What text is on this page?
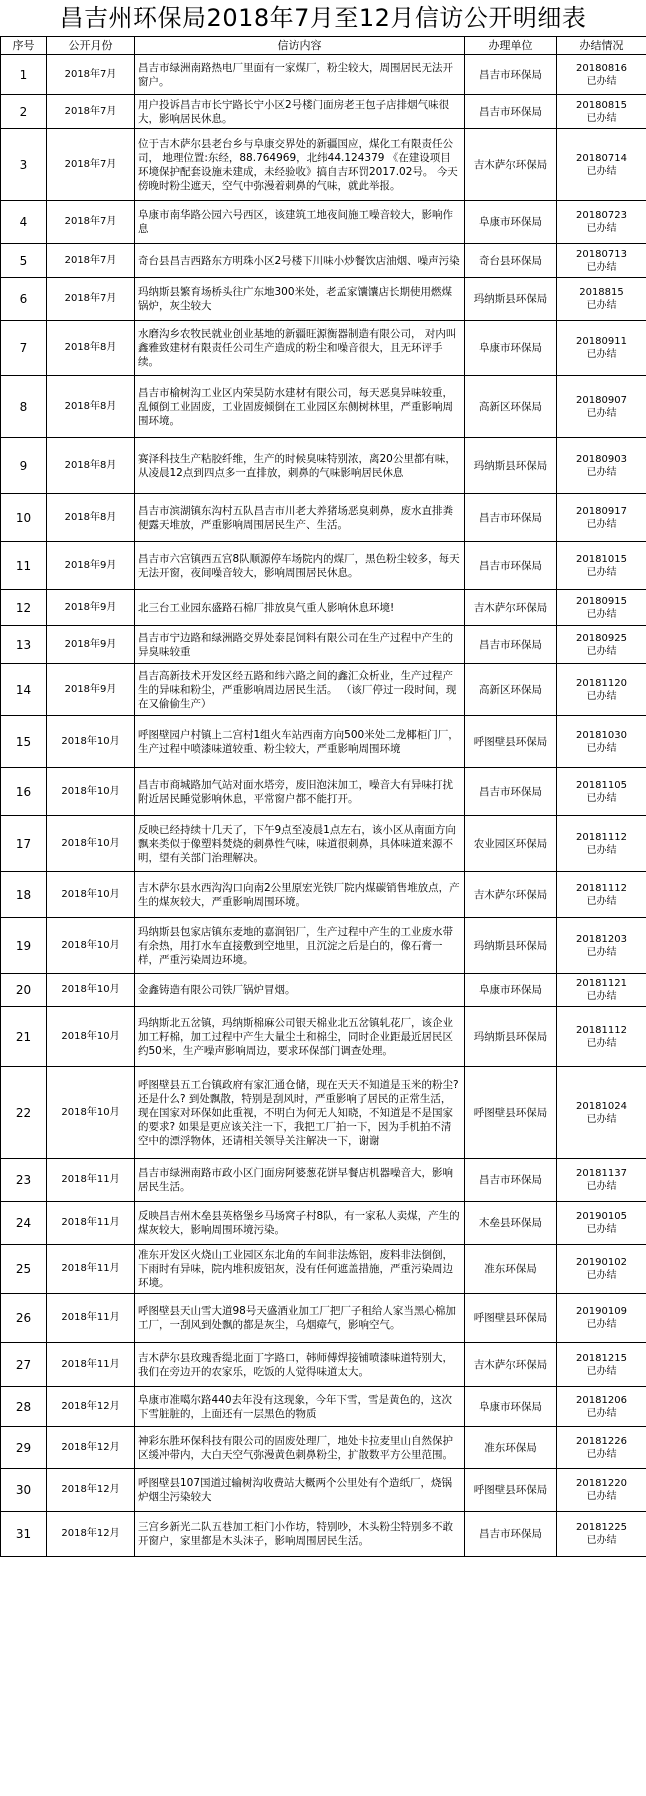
昌吉州环保局2018年7月至12月信访公开明细表
序号	公开月份	信访内容	办理单位	办结情况
1	2018年7月	昌吉市绿洲南路热电厂里面有一家煤厂，粉尘较大，周围居民无法开窗户。	昌吉市环保局	20180816
已办结

2	2018年7月	用户投诉昌吉市长宁路长宁小区2号楼门面房老王包子店排烟气味很大，影响居民休息。	昌吉市环保局	20180815
已办结

3	2018年7月	位于吉木萨尔县老台乡与阜康交界处的新疆国应，煤化工有限责任公司， 地理位置:东经，88.764969，北纬44.124379 《在建设项目环境保护配套设施未建成，未经验收》搞自吉环罚2017.02号。 今天傍晚时粉尘遮天，空气中弥漫着刺鼻的气味，就此举报。	吉木萨尔环保局	20180714
已办结

4	2018年7月	阜康市南华路公园六号西区，该建筑工地夜间施工噪音较大，影响作息	阜康市环保局	20180723
已办结

5	2018年7月	奇台县昌吉西路东方明珠小区2号楼下川味小炒餐饮店油烟、噪声污染	奇台县环保局	20180713
已办结

6	2018年7月	玛纳斯县繁育场桥头往广东地300米处，老孟家馕馕店长期使用燃煤锅炉，灰尘较大	玛纳斯县环保局	2018815
已办结

7	2018年8月	水磨沟乡农牧民就业创业基地的新疆旺源衡器制造有限公司， 对内叫鑫雅致建材有限责任公司生产造成的粉尘和噪音很大，且无环评手续。	阜康市环保局	20180911
已办结

8	2018年8月	昌吉市榆树沟工业区内荣昊防水建材有限公司，每天恶臭异味较重，乱倾倒工业固废，工业固废倾倒在工业园区东侧树林里，严重影响周围环境。	高新区环保局	20180907
已办结

9	2018年8月	赛泽科技生产粘胶纤维，生产的时候臭味特别浓，离20公里都有味，从凌晨12点到四点多一直排放，刺鼻的气味影响居民休息	玛纳斯县环保局	20180903
已办结

10	2018年8月	昌吉市滨湖镇东沟村五队昌吉市川老大养猪场恶臭刺鼻，废水直排粪便露天堆放，严重影响周围居民生产、生活。	昌吉市环保局	20180917
已办结

11	2018年9月	昌吉市六宫镇西五宫8队顺源停车场院内的煤厂，黑色粉尘较多，每天无法开窗，夜间噪音较大，影响周围居民休息。	昌吉市环保局	20181015
已办结

12	2018年9月	北三台工业园东盛路石棉厂排放臭气重人影响休息环境!	吉木萨尔环保局	20180915
已办结

13	2018年9月	昌吉市宁边路和绿洲路交界处泰昆饲料有限公司在生产过程中产生的异臭味较重	昌吉市环保局	20180925
已办结

14	2018年9月	昌吉高新技术开发区经五路和纬六路之间的鑫汇众析业，生产过程产生的异味和粉尘，严重影响周边居民生活。 （该厂停过一段时间，现在又偷偷生产）	高新区环保局	20181120
已办结

15	2018年10月	呼图壁园户村镇上二宫村1组火车站西南方向500米处二龙椰柜门厂，生产过程中喷漆味道较重、粉尘较大，严重影响周围环境	呼图壁县环保局	20181030
已办结

16	2018年10月	昌吉市商城路加气站对面水塔旁，废旧泡沫加工，噪音大有异味打扰附近居民睡觉影响休息，平常窗户都不能打开。	昌吉市环保局	20181105
已办结

17	2018年10月	反映已经持续十几天了，下午9点至凌晨1点左右，该小区从南面方向飘来类似于像塑料焚烧的刺鼻性气味，味道很刺鼻，具体味道来源不明，望有关部门治理解决。	农业园区环保局	20181112
已办结

18	2018年10月	吉木萨尔县水西沟沟口向南2公里原宏光铁厂院内煤碳销售堆放点，产生的煤灰较大，严重影响周围环境。	吉木萨尔环保局	20181112
已办结

19	2018年10月	玛纳斯县包家店镇东麦地的嘉润铝厂，生产过程中产生的工业废水带有余热，用打水车直接敷到空地里，且沉淀之后是白的，像石膏一样，严重污染周边环境。	玛纳斯县环保局	20181203
已办结

20	2018年10月	金鑫铸造有限公司铁厂锅炉冒烟。	阜康市环保局	20181121
已办结

21	2018年10月	玛纳斯北五岔镇，玛纳斯棉麻公司银天棉业北五岔镇轧花厂，该企业加工籽棉，加工过程中产生大量尘土和棉尘，同时企业距最近居民区约50米，生产噪声影响周边，要求环保部门调查处理。	玛纳斯县环保局	20181112
已办结

22	2018年10月	呼图壁县五工台镇政府有家汇通仓储，现在天天不知道是玉米的粉尘? 还是什么? 到处飘散，特别是刮风时，严重影响了居民的正常生活，现在国家对环保如此重视，不明白为何无人知晓，不知道是不是国家的要求? 如果是更应该关注一下，我把工厂拍一下，因为手机拍不清空中的漂浮物体，还请相关领导关注解决一下，谢谢	呼图壁县环保局	20181024
已办结

23	2018年11月	昌吉市绿洲南路市政小区门面房阿婆葱花饼早餐店机器噪音大，影响居民生活。	昌吉市环保局	20181137
已办结

24	2018年11月	反映昌吉州木垒县英格堡乡马场窝子村8队，有一家私人卖煤，产生的煤灰较大，影响周围环境污染。	木垒县环保局	20190105
已办结

25	2018年11月	准东开发区火烧山工业园区东北角的车间非法炼铝，废料非法倒倒，下雨时有异味，院内堆积废铝灰，没有任何遮盖措施，严重污染周边环境。	准东环保局	20190102
已办结

26	2018年11月	呼图壁县天山雪大道98号天盛酒业加工厂把厂子租给人家当黑心棉加工厂，一刮风到处飘的都是灰尘，乌烟瘴气，影响空气。	呼图壁县环保局	20190109
已办结

27	2018年11月	吉木萨尔县玫瑰香缇北面丁字路口，韩师傅焊接铺喷漆味道特别大，我们在旁边开的农家乐，吃饭的人觉得味道太大。	吉木萨尔环保局	20181215
已办结

28	2018年12月	阜康市准噶尔路440去年没有这现象，今年下雪，雪是黄色的，这次下雪脏脏的，上面还有一层黑色的物质	阜康市环保局	20181206
已办结

29	2018年12月	神彩东胜环保科技有限公司的固废处理厂，地处卡拉麦里山自然保护区缓冲带内，大白天空气弥漫黄色刺鼻粉尘，扩散数平方公里范围。	准东环保局	20181226
已办结

30	2018年12月	呼图壁县107国道过输树沟收费站大概两个公里处有个造纸厂，烧锅炉烟尘污染较大	呼图壁县环保局	20181220
已办结

31	2018年12月	三宫乡新光二队五巷加工柜门小作坊，特别吵，木头粉尘特别多不敢开窗户，家里都是木头沫子，影响周围居民生活。	昌吉市环保局	20181225
已办结
